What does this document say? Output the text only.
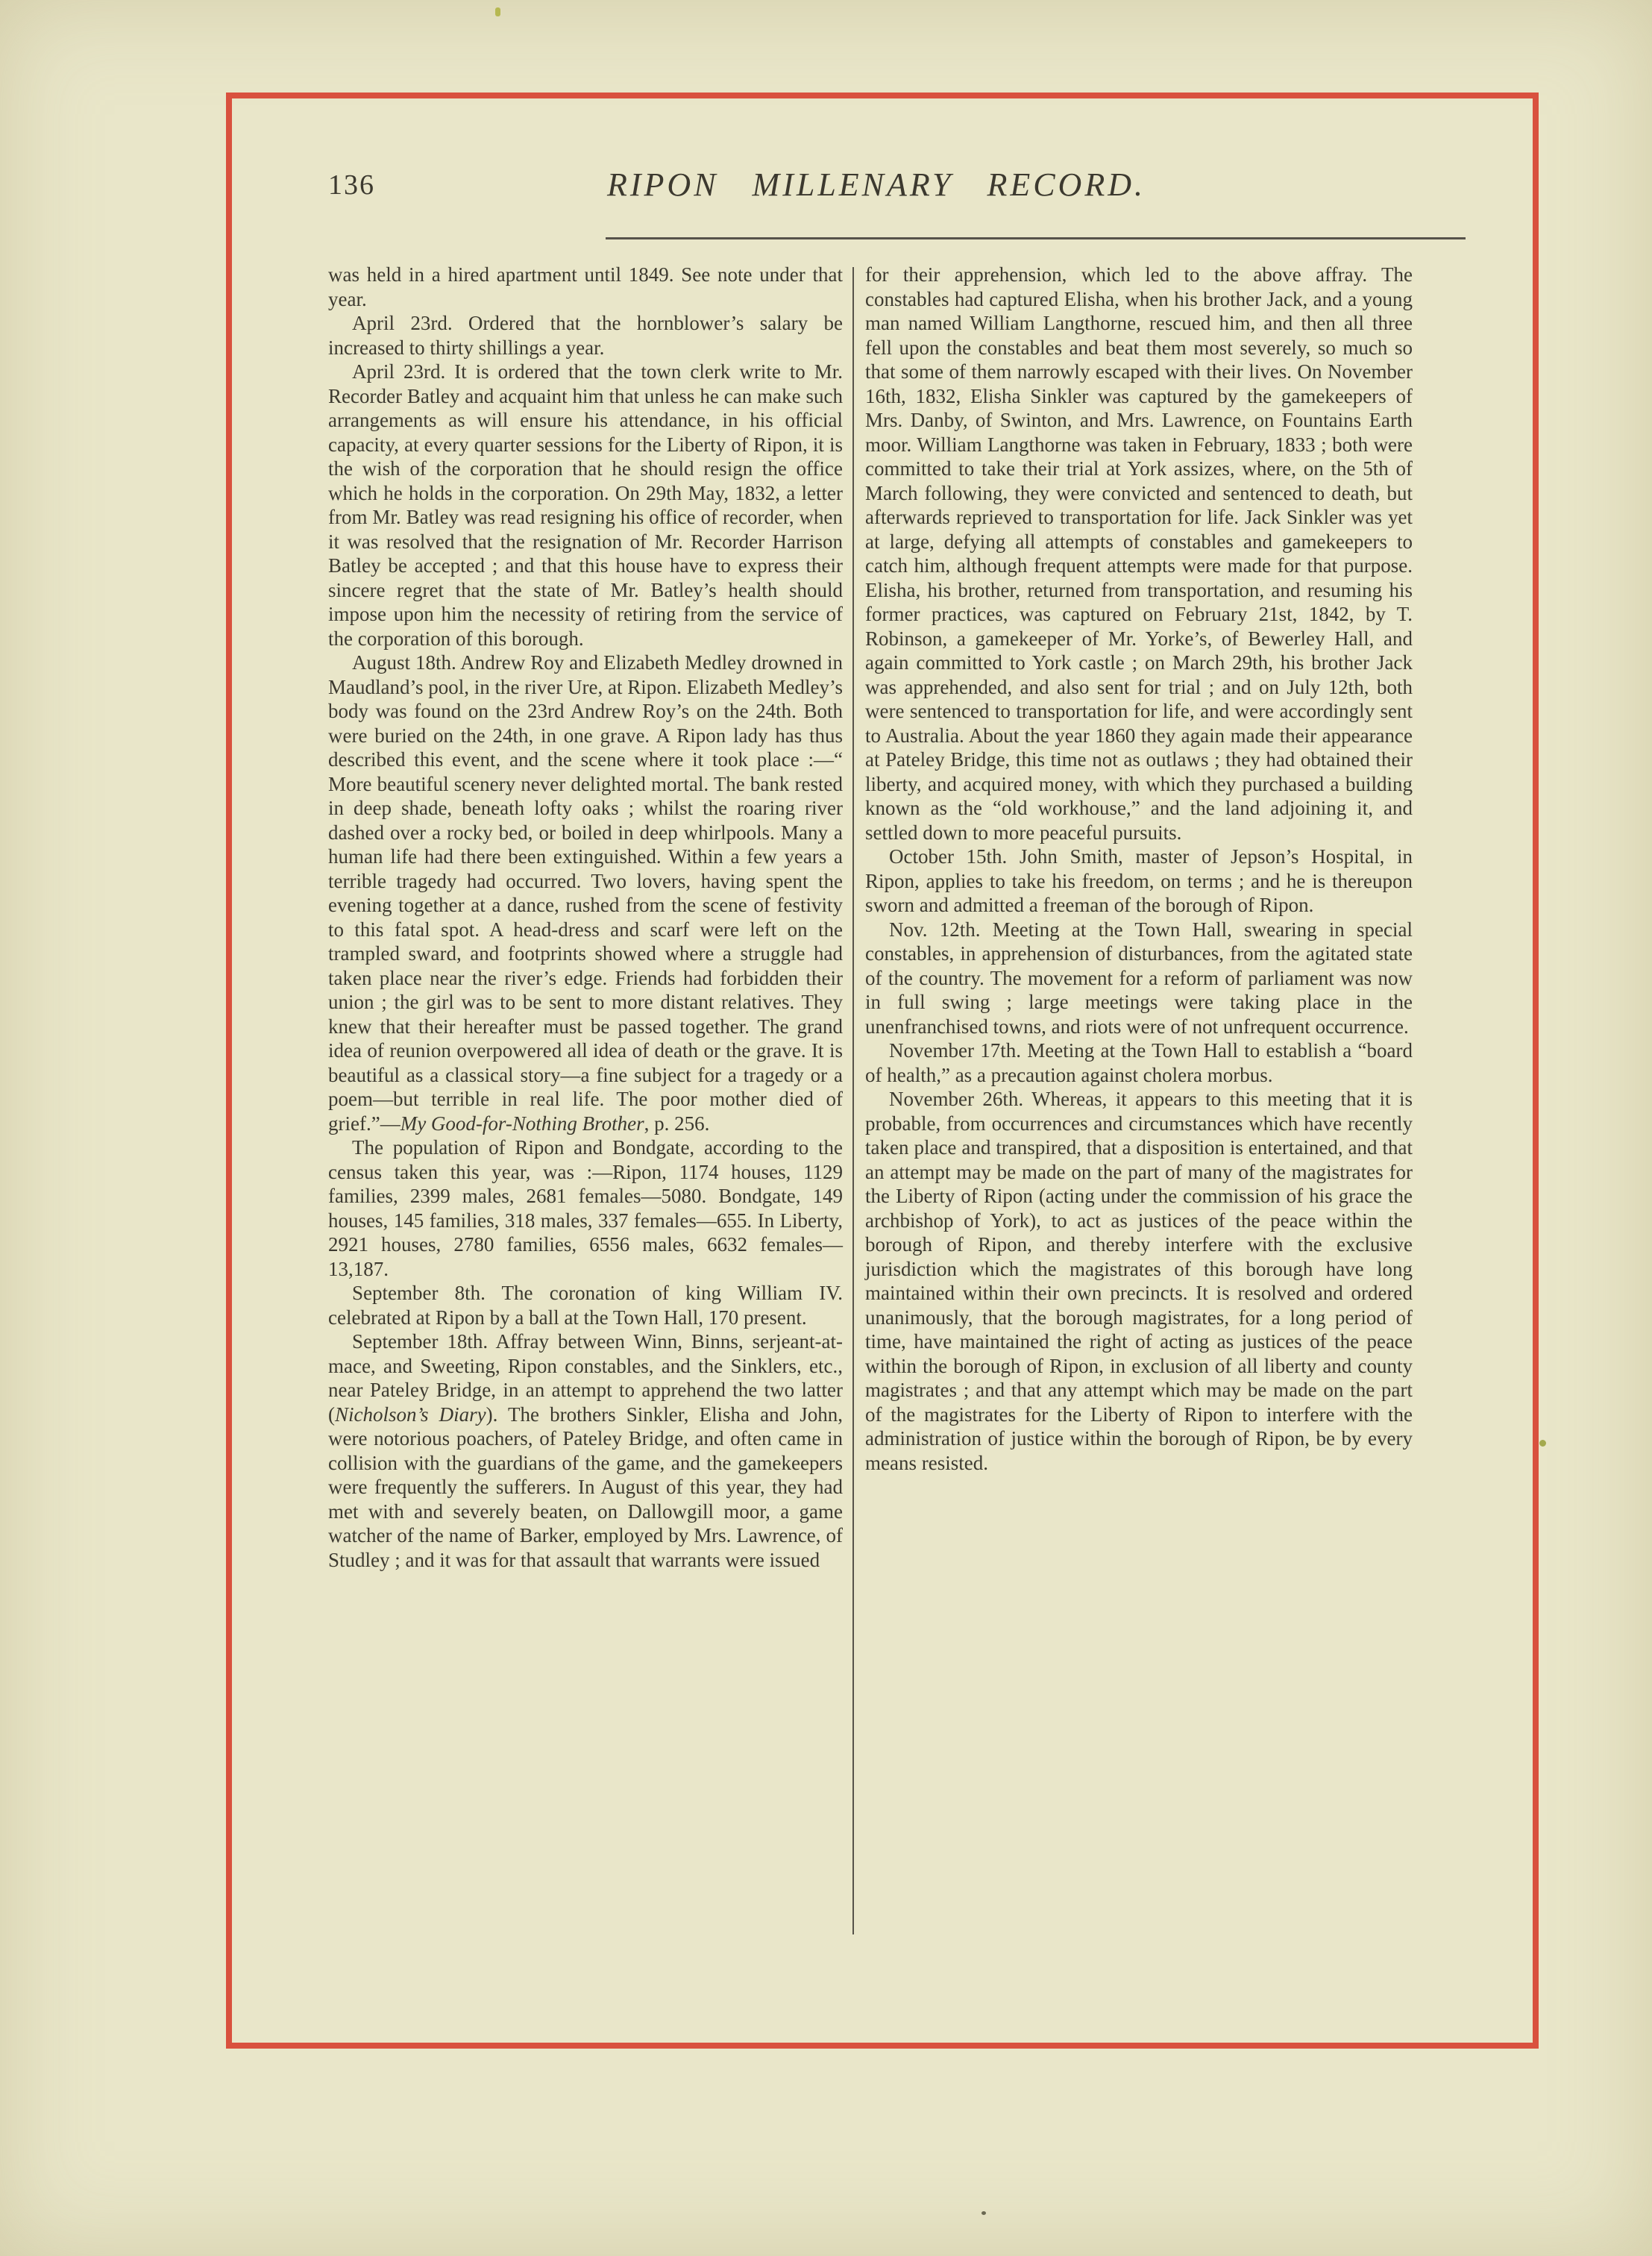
136	RIPON MILLENARY RECORD.

was held in a hired apartment until 1849. See note under that year.

April 23rd. Ordered that the hornblower’s salary be increased to thirty shillings a year.

April 23rd. It is ordered that the town clerk write to Mr. Recorder Batley and acquaint him that unless he can make such arrangements as will ensure his attendance, in his official capacity, at every quarter sessions for the Liberty of Ripon, it is the wish of the corporation that he should resign the office which he holds in the corporation. On 29th May, 1832, a letter from Mr. Batley was read resigning his office of recorder, when it was resolved that the resignation of Mr. Recorder Harrison Batley be accepted ; and that this house have to express their sincere regret that the state of Mr. Batley’s health should impose upon him the necessity of retiring from the service of the corporation of this borough.

August 18th. Andrew Roy and Elizabeth Medley drowned in Maudland’s pool, in the river Ure, at Ripon. Elizabeth Medley’s body was found on the 23rd Andrew Roy’s on the 24th. Both were buried on the 24th, in one grave. A Ripon lady has thus described this event, and the scene where it took place :—“ More beautiful scenery never delighted mortal. The bank rested in deep shade, beneath lofty oaks ; whilst the roaring river dashed over a rocky bed, or boiled in deep whirlpools. Many a human life had there been extinguished. Within a few years a terrible tragedy had occurred. Two lovers, having spent the evening together at a dance, rushed from the scene of festivity to this fatal spot. A head-dress and scarf were left on the trampled sward, and footprints showed where a struggle had taken place near the river’s edge. Friends had forbidden their union ; the girl was to be sent to more distant relatives. They knew that their hereafter must be passed together. The grand idea of reunion overpowered all idea of death or the grave. It is beautiful as a classical story—a fine subject for a tragedy or a poem—but terrible in real life. The poor mother died of grief.”—My Good-for-Nothing Brother, p. 256.

The population of Ripon and Bondgate, according to the census taken this year, was :—Ripon, 1174 houses, 1129 families, 2399 males, 2681 females—5080. Bondgate, 149 houses, 145 families, 318 males, 337 females—655. In Liberty, 2921 houses, 2780 families, 6556 males, 6632 females—13,187.

September 8th. The coronation of king William IV. celebrated at Ripon by a ball at the Town Hall, 170 present.

September 18th. Affray between Winn, Binns, serjeant-at-mace, and Sweeting, Ripon constables, and the Sinklers, etc., near Pateley Bridge, in an attempt to apprehend the two latter (Nicholson’s Diary). The brothers Sinkler, Elisha and John, were notorious poachers, of Pateley Bridge, and often came in collision with the guardians of the game, and the gamekeepers were frequently the sufferers. In August of this year, they had met with and severely beaten, on Dallowgill moor, a game watcher of the name of Barker, employed by Mrs. Lawrence, of Studley ; and it was for that assault that warrants were issued

for their apprehension, which led to the above affray. The constables had captured Elisha, when his brother Jack, and a young man named William Langthorne, rescued him, and then all three fell upon the constables and beat them most severely, so much so that some of them narrowly escaped with their lives. On November 16th, 1832, Elisha Sinkler was captured by the gamekeepers of Mrs. Danby, of Swinton, and Mrs. Lawrence, on Fountains Earth moor. William Langthorne was taken in February, 1833 ; both were committed to take their trial at York assizes, where, on the 5th of March following, they were convicted and sentenced to death, but afterwards reprieved to transportation for life. Jack Sinkler was yet at large, defying all attempts of constables and gamekeepers to catch him, although frequent attempts were made for that purpose. Elisha, his brother, returned from transportation, and resuming his former practices, was captured on February 21st, 1842, by T. Robinson, a gamekeeper of Mr. Yorke’s, of Bewerley Hall, and again committed to York castle ; on March 29th, his brother Jack was apprehended, and also sent for trial ; and on July 12th, both were sentenced to transportation for life, and were accordingly sent to Australia. About the year 1860 they again made their appearance at Pateley Bridge, this time not as outlaws ; they had obtained their liberty, and acquired money, with which they purchased a building known as the “old workhouse,” and the land adjoining it, and settled down to more peaceful pursuits.

October 15th. John Smith, master of Jepson’s Hospital, in Ripon, applies to take his freedom, on terms ; and he is thereupon sworn and admitted a freeman of the borough of Ripon.

Nov. 12th. Meeting at the Town Hall, swearing in special constables, in apprehension of disturbances, from the agitated state of the country. The movement for a reform of parliament was now in full swing ; large meetings were taking place in the unenfranchised towns, and riots were of not unfrequent occurrence.

November 17th. Meeting at the Town Hall to establish a “board of health,” as a precaution against cholera morbus.

November 26th. Whereas, it appears to this meeting that it is probable, from occurrences and circumstances which have recently taken place and transpired, that a disposition is entertained, and that an attempt may be made on the part of many of the magistrates for the Liberty of Ripon (acting under the commission of his grace the archbishop of York), to act as justices of the peace within the borough of Ripon, and thereby interfere with the exclusive jurisdiction which the magistrates of this borough have long maintained within their own precincts. It is resolved and ordered unanimously, that the borough magistrates, for a long period of time, have maintained the right of acting as justices of the peace within the borough of Ripon, in exclusion of all liberty and county magistrates ; and that any attempt which may be made on the part of the magistrates for the Liberty of Ripon to interfere with the administration of justice within the borough of Ripon, be by every means resisted.
